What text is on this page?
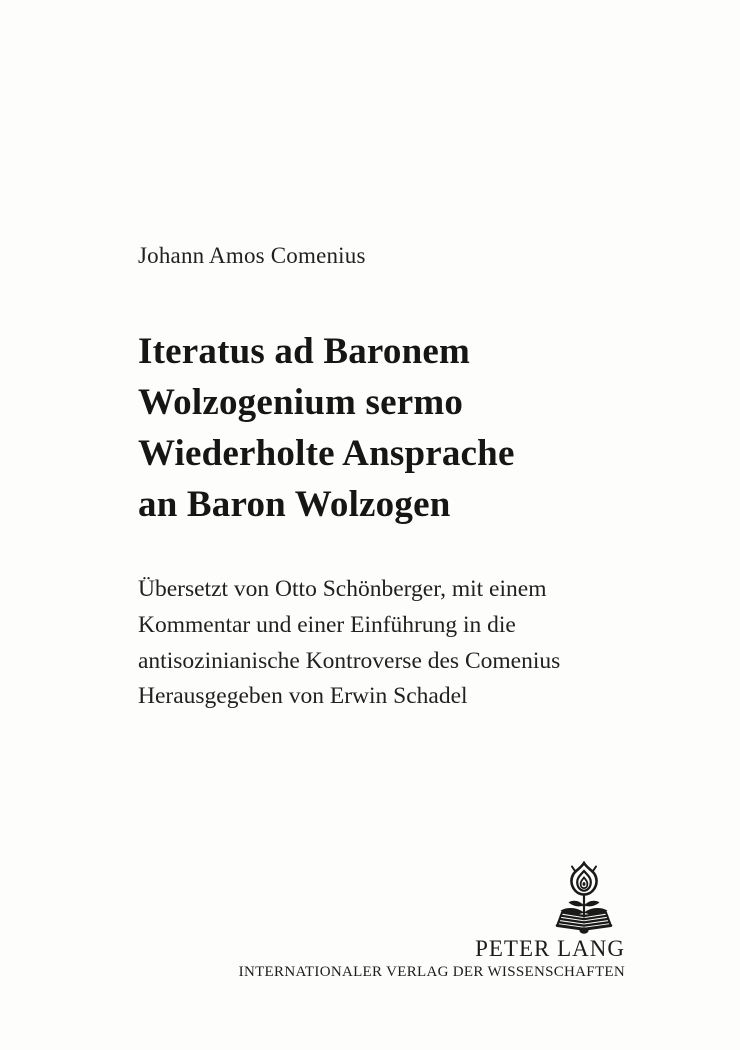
Johann Amos Comenius
Iteratus ad Baronem
Wolzogenium sermo
Wiederholte Ansprache
an Baron Wolzogen
Übersetzt von Otto Schönberger, mit einem
Kommentar und einer Einführung in die
antisozinianische Kontroverse des Comenius
Herausgegeben von Erwin Schadel
PETER LANG
INTERNATIONALER VERLAG DER WISSENSCHAFTEN
